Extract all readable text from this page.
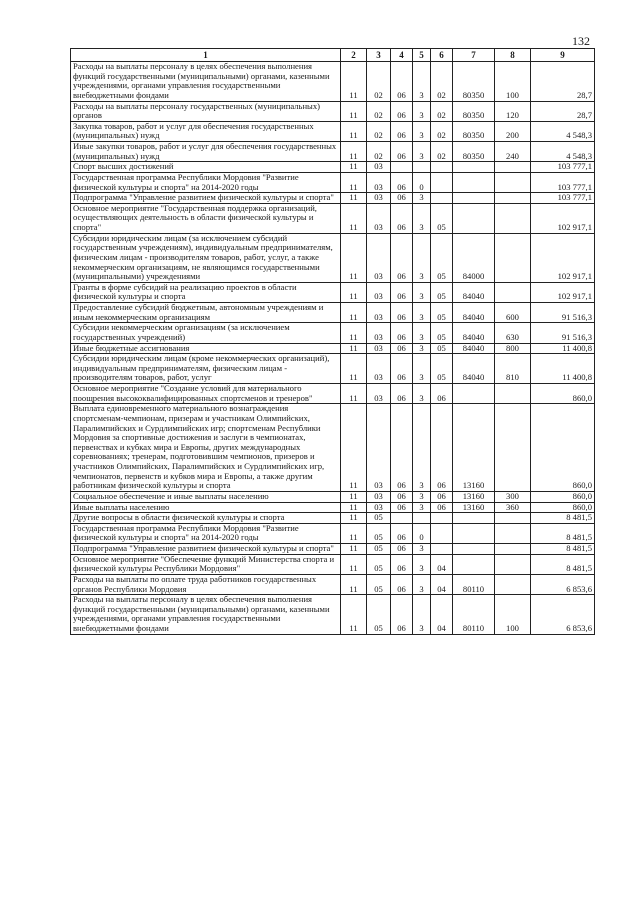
132
1	2	3	4	5	6	7	8	9
Расходы на выплаты персоналу в целях обеспечения выполнения функций государственными (муниципальными) органами, казенными учреждениями, органами управления государственными внебюджетными фондами	11	02	06	3	02	80350	100	28,7
Расходы на выплаты персоналу государственных (муниципальных) органов	11	02	06	3	02	80350	120	28,7
Закупка товаров, работ и услуг для обеспечения государственных (муниципальных) нужд	11	02	06	3	02	80350	200	4 548,3
Иные закупки товаров, работ и услуг для обеспечения государственных (муниципальных) нужд	11	02	06	3	02	80350	240	4 548,3
Спорт высших достижений	11	03						103 777,1
Государственная программа Республики Мордовия "Развитие физической культуры и спорта" на 2014-2020 годы	11	03	06	0				103 777,1
Подпрограмма "Управление развитием физической культуры и спорта"	11	03	06	3				103 777,1
Основное мероприятие "Государственная поддержка организаций, осуществляющих деятельность в области физической культуры и спорта"	11	03	06	3	05			102 917,1
Субсидии юридическим лицам (за исключением субсидий государственным учреждениям), индивидуальным предпринимателям, физическим лицам - производителям товаров, работ, услуг, а также некоммерческим организациям, не являющимся государственными (муниципальными) учреждениями	11	03	06	3	05	84000		102 917,1
Гранты в форме субсидий на реализацию проектов в области физической культуры и спорта	11	03	06	3	05	84040		102 917,1
Предоставление субсидий бюджетным, автономным учреждениям и иным некоммерческим организациям	11	03	06	3	05	84040	600	91 516,3
Субсидии некоммерческим организациям (за исключением государственных учреждений)	11	03	06	3	05	84040	630	91 516,3
Иные бюджетные ассигнования	11	03	06	3	05	84040	800	11 400,8
Субсидии юридическим лицам (кроме некоммерческих организаций), индивидуальным предпринимателям, физическим лицам - производителям товаров, работ, услуг	11	03	06	3	05	84040	810	11 400,8
Основное мероприятие "Создание условий для материального поощрения высококвалифицированных спортсменов и тренеров"	11	03	06	3	06			860,0
Выплата единовременного материального вознаграждения спортсменам-чемпионам, призерам и участникам Олимпийских, Паралимпийских и Сурдлимпийских игр; спортсменам Республики Мордовия за спортивные достижения и заслуги в чемпионатах, первенствах и кубках мира и Европы, других международных соревнованиях; тренерам, подготовившим чемпионов, призеров и участников Олимпийских, Паралимпийских и Сурдлимпийских игр, чемпионатов, первенств и кубков мира и Европы, а также другим работникам физической культуры и спорта	11	03	06	3	06	13160		860,0
Социальное обеспечение и иные выплаты населению	11	03	06	3	06	13160	300	860,0
Иные выплаты населению	11	03	06	3	06	13160	360	860,0
Другие вопросы в области физической культуры и спорта	11	05						8 481,5
Государственная программа Республики Мордовия "Развитие физической культуры и спорта" на 2014-2020 годы	11	05	06	0				8 481,5
Подпрограмма "Управление развитием физической культуры и спорта"	11	05	06	3				8 481,5
Основное мероприятие "Обеспечение функций Министерства спорта и физической культуры Республики Мордовия"	11	05	06	3	04			8 481,5
Расходы на выплаты по оплате труда работников государственных органов Республики Мордовия	11	05	06	3	04	80110		6 853,6
Расходы на выплаты персоналу в целях обеспечения выполнения функций государственными (муниципальными) органами, казенными учреждениями, органами управления государственными внебюджетными фондами	11	05	06	3	04	80110	100	6 853,6
